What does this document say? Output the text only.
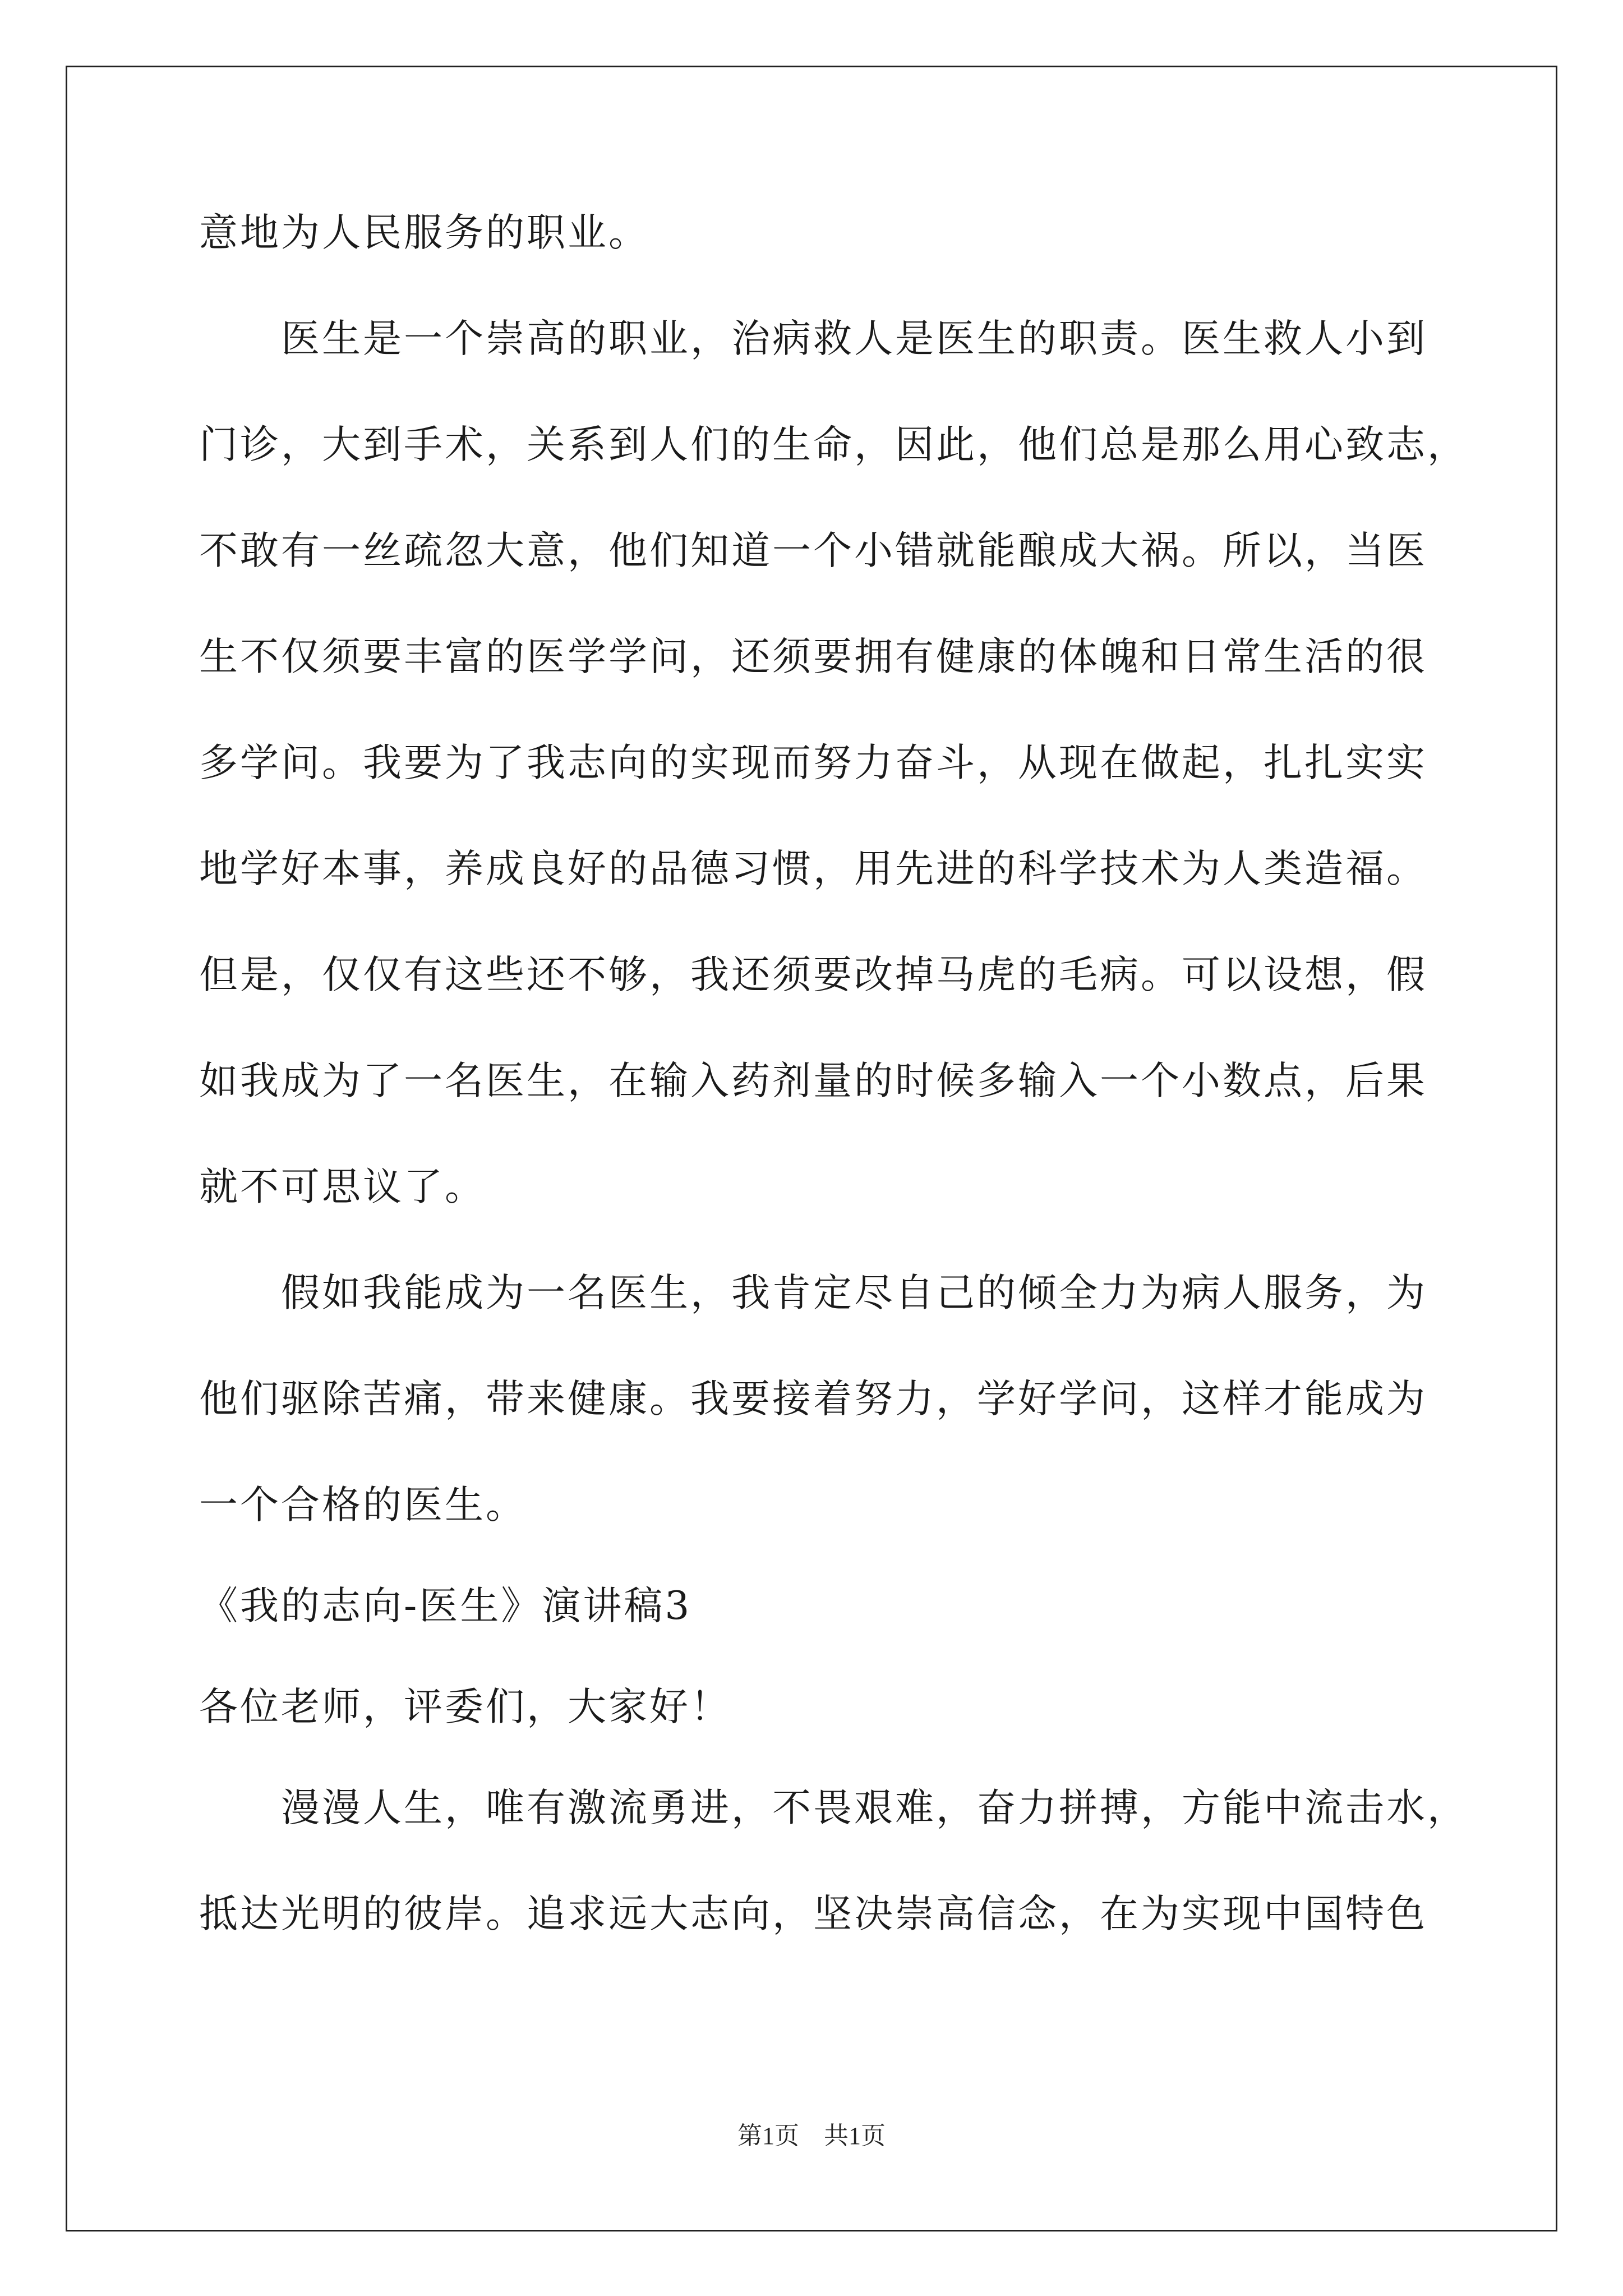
意地为人民服务的职业。
医生是一个崇高的职业，治病救人是医生的职责。医生救人小到
门诊，大到手术，关系到人们的生命，因此，他们总是那么用心致志，
不敢有一丝疏忽大意，他们知道一个小错就能酿成大祸。所以，当医
生不仅须要丰富的医学学问，还须要拥有健康的体魄和日常生活的很
多学问。我要为了我志向的实现而努力奋斗，从现在做起，扎扎实实
地学好本事，养成良好的品德习惯，用先进的科学技术为人类造福。
但是，仅仅有这些还不够，我还须要改掉马虎的毛病。可以设想，假
如我成为了一名医生，在输入药剂量的时候多输入一个小数点，后果
就不可思议了。
假如我能成为一名医生，我肯定尽自己的倾全力为病人服务，为
他们驱除苦痛，带来健康。我要接着努力，学好学问，这样才能成为
一个合格的医生。
《我的志向-医生》演讲稿3
各位老师，评委们，大家好！
漫漫人生，唯有激流勇进，不畏艰难，奋力拼搏，方能中流击水，
抵达光明的彼岸。追求远大志向，坚决崇高信念，在为实现中国特色
第1页　共1页
